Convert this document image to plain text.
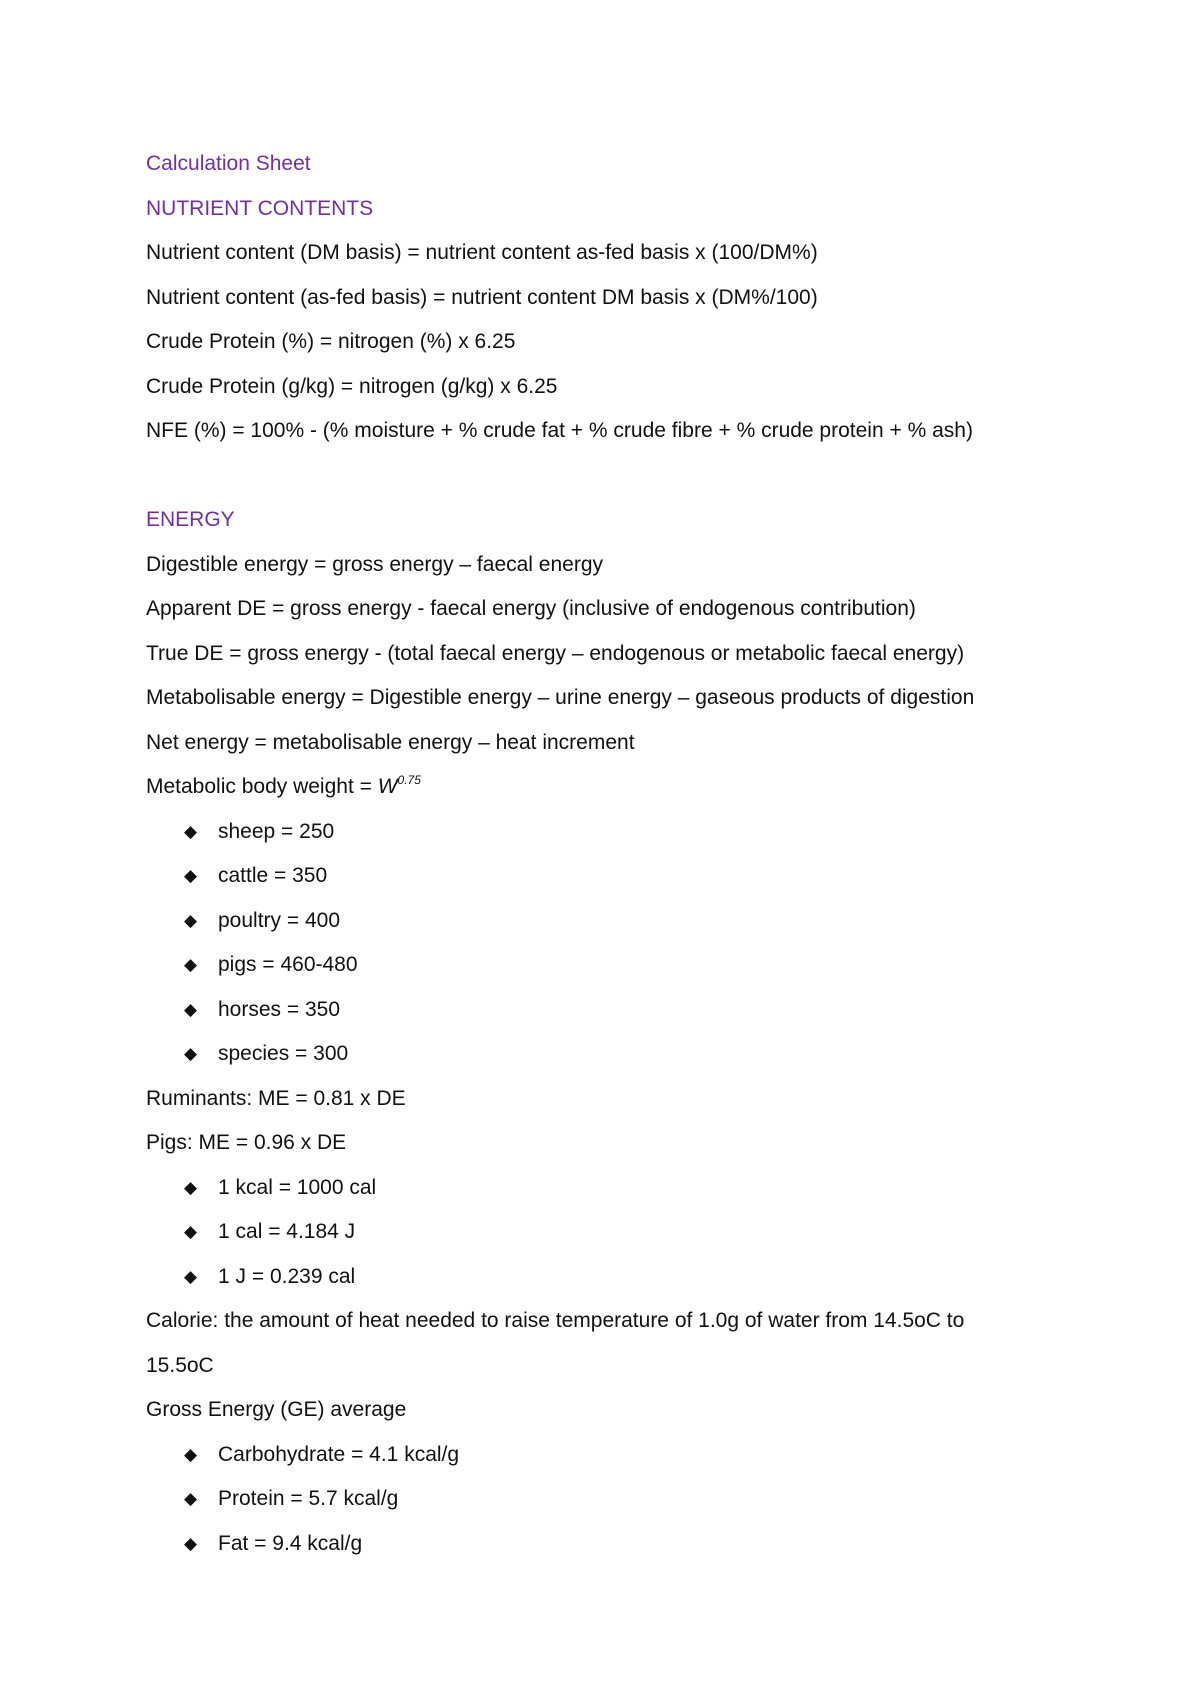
Calculation Sheet
NUTRIENT CONTENTS
Nutrient content (DM basis) = nutrient content as-fed basis x (100/DM%)
Nutrient content (as-fed basis) = nutrient content DM basis x (DM%/100)
Crude Protein (%) = nitrogen (%) x 6.25
Crude Protein (g/kg) = nitrogen (g/kg) x 6.25
NFE (%) = 100% - (% moisture + % crude fat + % crude fibre + % crude protein + % ash)
ENERGY
Digestible energy = gross energy – faecal energy
Apparent DE = gross energy - faecal energy (inclusive of endogenous contribution)
True DE = gross energy - (total faecal energy – endogenous or metabolic faecal energy)
Metabolisable energy = Digestible energy – urine energy – gaseous products of digestion
Net energy = metabolisable energy – heat increment
Metabolic body weight = $W^{0.75}$
◆ sheep = 250
◆ cattle = 350
◆ poultry = 400
◆ pigs = 460-480
◆ horses = 350
◆ species = 300
Ruminants: ME = 0.81 x DE
Pigs: ME = 0.96 x DE
◆ 1 kcal = 1000 cal
◆ 1 cal = 4.184 J
◆ 1 J = 0.239 cal
Calorie: the amount of heat needed to raise temperature of 1.0g of water from 14.5oC to
15.5oC
Gross Energy (GE) average
◆ Carbohydrate = 4.1 kcal/g
◆ Protein = 5.7 kcal/g
◆ Fat = 9.4 kcal/g
